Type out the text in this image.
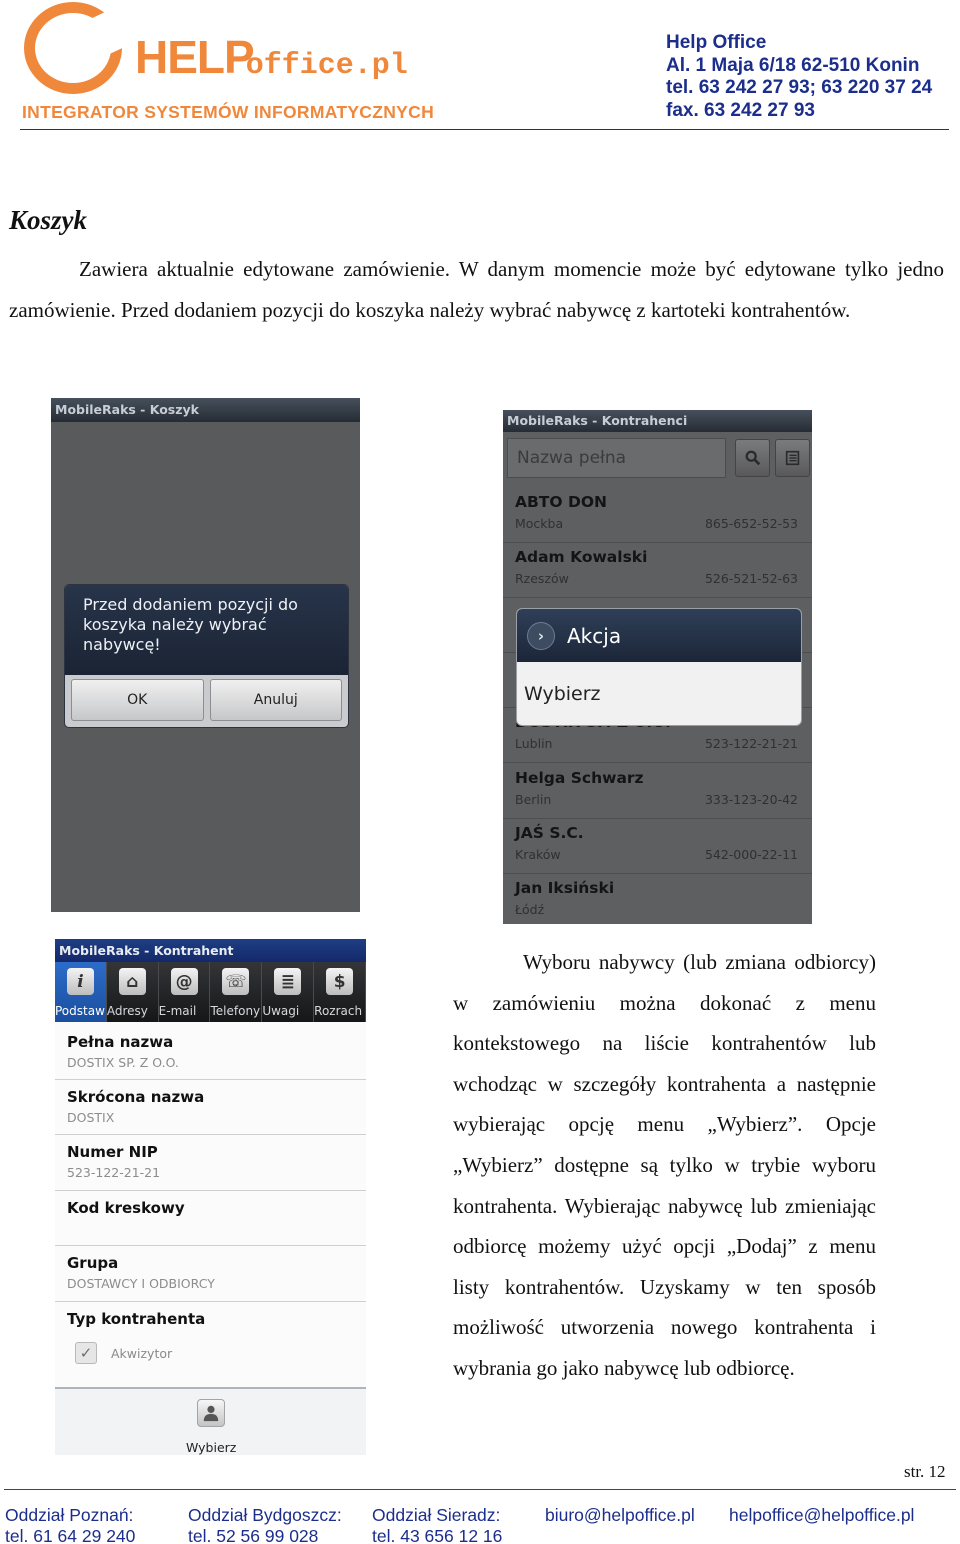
HELPoffice.pl
INTEGRATOR SYSTEMÓW INFORMATYCZNYCH
Help Office
Al. 1 Maja 6/18 62-510 Konin
tel. 63 242 27 93; 63 220 37 24
fax. 63 242 27 93
Koszyk

Zawiera aktualnie edytowane zamówienie. W danym momencie może być edytowane tylko jedno zamówienie. Przed dodaniem pozycji do koszyka należy wybrać nabywcę z kartoteki kontrahentów.

MobileRaks - Koszyk
Przed dodaniem pozycji do koszyka należy wybrać nabywcę!
OK	Anuluj
MobileRaks - Kontrahenci
Nazwa pełna
ABTO DON
Mockba	865-652-52-53
Adam Kowalski
Rzeszów	526-521-52-63
Lublin	523-122-21-21
Helga Schwarz
Berlin	333-123-20-42
JAŚ S.C.
Kraków	542-000-22-11
Jan Iksiński
Łódź
›	Akcja
Wybierz
MobileRaks - Kontrahent
i
Podstaw
⌂
Adresy
@
E-mail
☏
Telefony
≣
Uwagi
$
Rozrach
Pełna nazwa
DOSTIX SP. Z O.O.
Skrócona nazwa
DOSTIX
Numer NIP
523-122-21-21
Kod kreskowy
Grupa
DOSTAWCY I ODBIORCY
Typ kontrahenta
✓	Akwizytor
Wybierz

Wyboru nabywcy (lub zmiana odbiorcy) w zamówieniu można dokonać z menu kontekstowego na liście kontrahentów lub wchodząc w szczegóły kontrahenta a następnie wybierając opcję menu „Wybierz”. Opcje „Wybierz” dostępne są tylko w trybie wyboru kontrahenta. Wybierając nabywcę lub zmieniając odbiorcę możemy użyć opcji „Dodaj” z menu listy kontrahentów. Uzyskamy w ten sposób możliwość utworzenia nowego kontrahenta i wybrania go jako nabywcę lub odbiorcę.

str. 12
Oddział Poznań:
tel. 61 64 29 240
Oddział Bydgoszcz:
tel. 52 56 99 028
Oddział Sieradz:
tel. 43 656 12 16
biuro@helpoffice.pl helpoffice@helpoffice.pl
